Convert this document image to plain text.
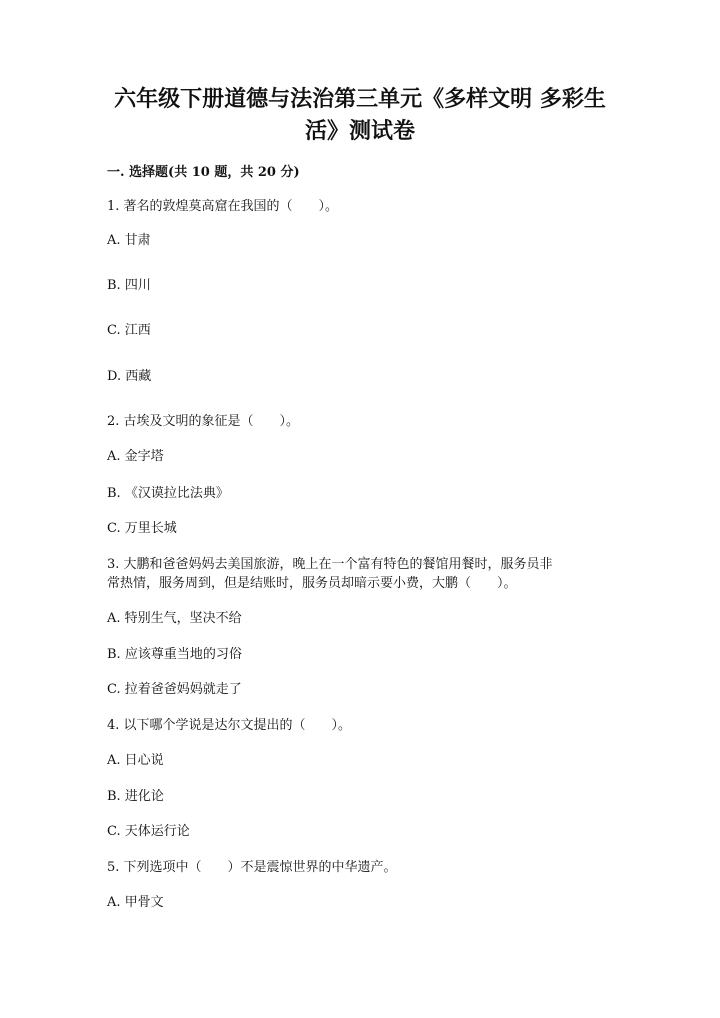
六年级下册道德与法治第三单元《多样文明 多彩生
活》测试卷

一. 选择题(共 10 题，共 20 分)

1. 著名的敦煌莫高窟在我国的（　　）。

A. 甘肃

B. 四川

C. 江西

D. 西藏

2. 古埃及文明的象征是（　　）。

A. 金字塔

B. 《汉谟拉比法典》

C. 万里长城

3. 大鹏和爸爸妈妈去美国旅游，晚上在一个富有特色的餐馆用餐时，服务员非

常热情，服务周到，但是结账时，服务员却暗示要小费，大鹏（　　）。

A. 特别生气，坚决不给

B. 应该尊重当地的习俗

C. 拉着爸爸妈妈就走了

4. 以下哪个学说是达尔文提出的（　　）。

A. 日心说

B. 进化论

C. 天体运行论

5. 下列选项中（　　）不是震惊世界的中华遗产。

A. 甲骨文
